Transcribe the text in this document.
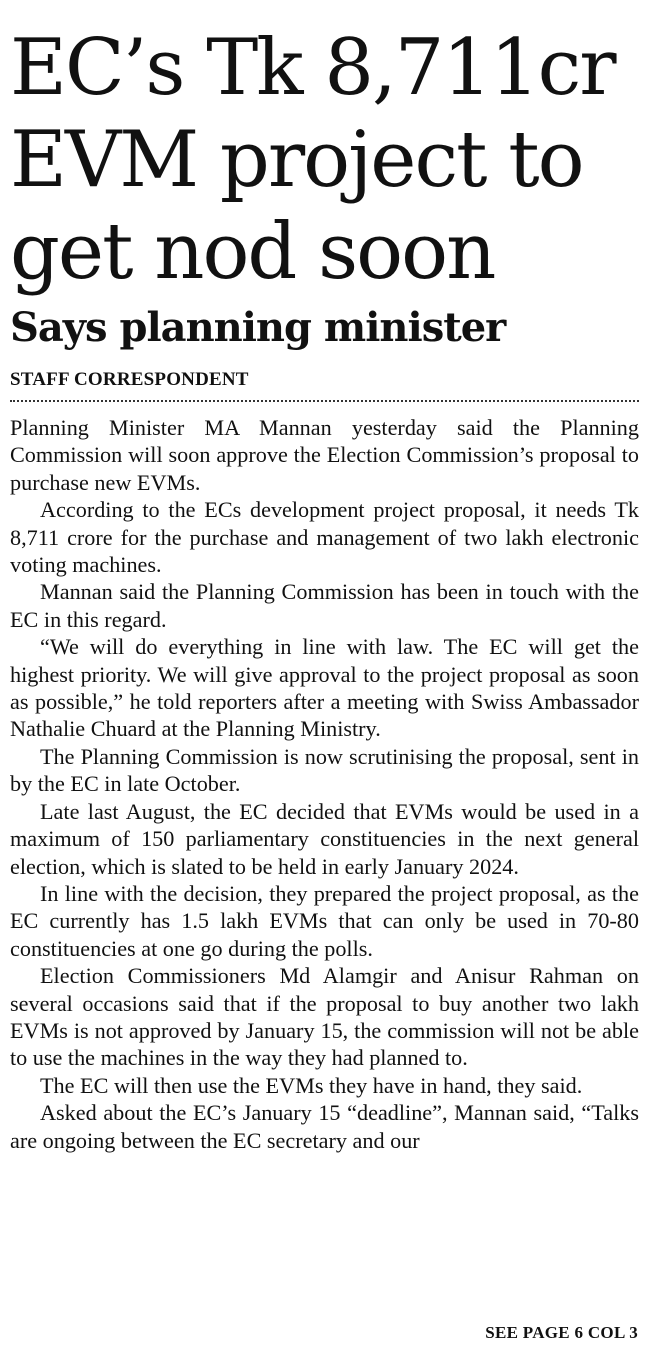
EC’s Tk 8,711cr
EVM project to
get nod soon
Says planning minister
STAFF CORRESPONDENT

Planning Minister MA Mannan yesterday said the Planning Commission will soon approve the Election Commission’s proposal to purchase new EVMs.

According to the ECs development project proposal, it needs Tk 8,711 crore for the purchase and management of two lakh electronic voting machines.

Mannan said the Planning Commission has been in touch with the EC in this regard.

“We will do everything in line with law. The EC will get the highest priority. We will give approval to the project proposal as soon as possible,” he told reporters after a meeting with Swiss Ambassador Nathalie Chuard at the Planning Ministry.

The Planning Commission is now scrutinising the proposal, sent in by the EC in late October.

Late last August, the EC decided that EVMs would be used in a maximum of 150 parliamentary constituencies in the next general election, which is slated to be held in early January 2024.

In line with the decision, they prepared the project proposal, as the EC currently has 1.5 lakh EVMs that can only be used in 70-80 constituencies at one go during the polls.

Election Commissioners Md Alamgir and Anisur Rahman on several occasions said that if the proposal to buy another two lakh EVMs is not approved by January 15, the commission will not be able to use the machines in the way they had planned to.

The EC will then use the EVMs they have in hand, they said.

Asked about the EC’s January 15 “deadline”, Mannan said, “Talks are ongoing between the EC secretary and our

SEE PAGE 6 COL 3
